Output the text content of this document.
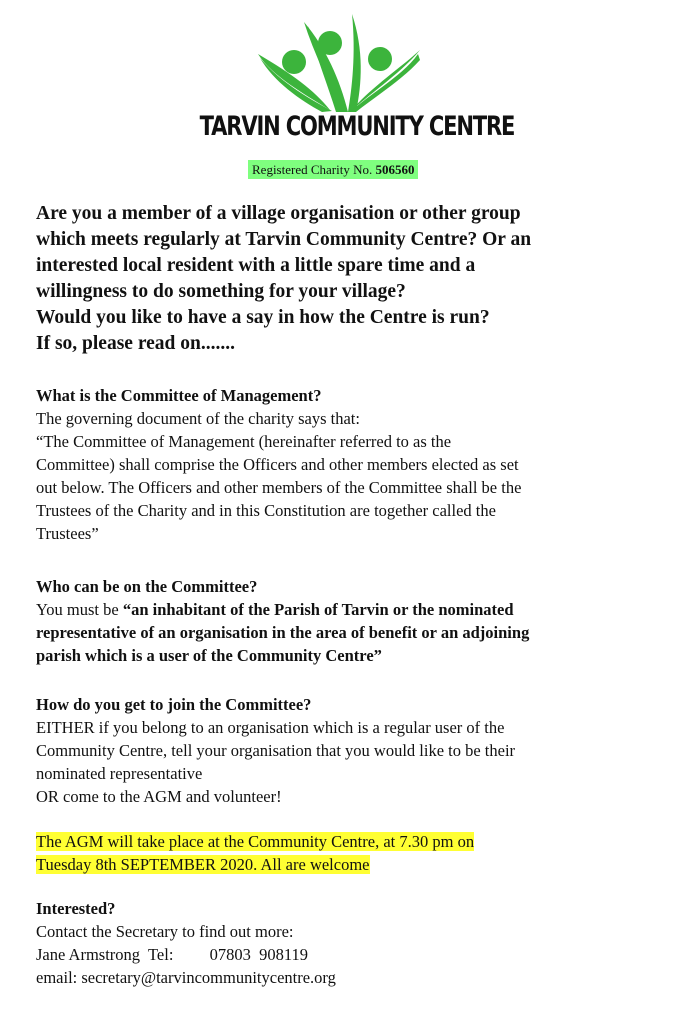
TARVIN COMMUNITY CENTRE
Registered Charity No. 506560
Are you a member of a village organisation or other group
which meets regularly at Tarvin Community Centre? Or an
interested local resident with a little spare time and a
willingness to do something for your village?
Would you like to have a say in how the Centre is run?
If so, please read on.......
What is the Committee of Management?
The governing document of the charity says that:
“The Committee of Management (hereinafter referred to as the
Committee) shall comprise the Officers and other members elected as set
out below. The Officers and other members of the Committee shall be the
Trustees of the Charity and in this Constitution are together called the
Trustees”
Who can be on the Committee?
You must be “an inhabitant of the Parish of Tarvin or the nominated
representative of an organisation in the area of benefit or an adjoining
parish which is a user of the Community Centre”
How do you get to join the Committee?
EITHER if you belong to an organisation which is a regular user of the
Community Centre, tell your organisation that you would like to be their
nominated representative
OR come to the AGM and volunteer!
The AGM will take place at the Community Centre, at 7.30 pm on
Tuesday 8th SEPTEMBER 2020. All are welcome
Interested?
Contact the Secretary to find out more:
Jane Armstrong Tel: 07803  908119
email: secretary@tarvincommunitycentre.org
